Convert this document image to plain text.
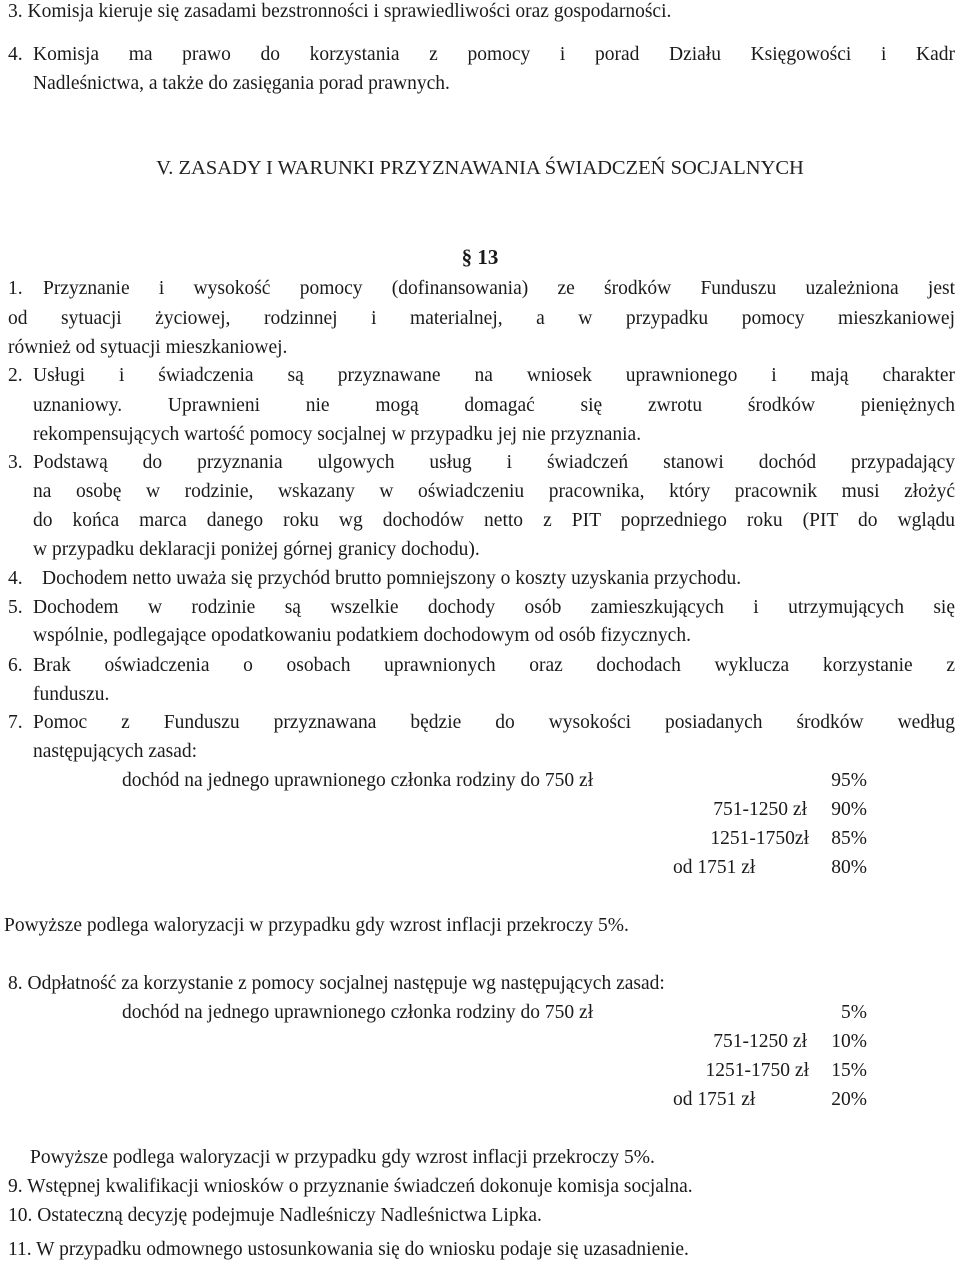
3. Komisja kieruje się zasadami bezstronności i sprawiedliwości oraz gospodarności.
4. Komisja ma prawo do korzystania z pomocy i porad Działu Księgowości i Kadr
Nadleśnictwa, a także do zasięgania porad prawnych.
V. ZASADY I WARUNKI PRZYZNAWANIA ŚWIADCZEŃ SOCJALNYCH
§ 13
1. Przyznanie i wysokość pomocy (dofinansowania) ze środków Funduszu uzależniona jest
od sytuacji życiowej, rodzinnej i materialnej, a w przypadku pomocy mieszkaniowej
również od sytuacji mieszkaniowej.
2. Usługi i świadczenia są przyznawane na wniosek uprawnionego i mają charakter
uznaniowy. Uprawnieni nie mogą domagać się zwrotu środków pieniężnych
rekompensujących wartość pomocy socjalnej w przypadku jej nie przyznania.
3. Podstawą do przyznania ulgowych usług i świadczeń stanowi dochód przypadający
na osobę w rodzinie, wskazany w oświadczeniu pracownika, który pracownik musi złożyć
do końca marca danego roku wg dochodów netto z PIT poprzedniego roku (PIT do wglądu
w przypadku deklaracji poniżej górnej granicy dochodu).
4. Dochodem netto uważa się przychód brutto pomniejszony o koszty uzyskania przychodu.
5. Dochodem w rodzinie są wszelkie dochody osób zamieszkujących i utrzymujących się
wspólnie, podlegające opodatkowaniu podatkiem dochodowym od osób fizycznych.
6. Brak oświadczenia o osobach uprawnionych oraz dochodach wyklucza korzystanie z
funduszu.
7. Pomoc z Funduszu przyznawana będzie do wysokości posiadanych środków według
następujących zasad:
dochód na jednego uprawnionego członka rodziny do 750 zł	95%
751-1250 zł	90%
1251-1750zł	85%
od 1751 zł	80%
Powyższe podlega waloryzacji w przypadku gdy wzrost inflacji przekroczy 5%.
8. Odpłatność za korzystanie z pomocy socjalnej następuje wg następujących zasad:
dochód na jednego uprawnionego członka rodziny do 750 zł	5%
751-1250 zł	10%
1251-1750 zł	15%
od 1751 zł	20%
Powyższe podlega waloryzacji w przypadku gdy wzrost inflacji przekroczy 5%.
9. Wstępnej kwalifikacji wniosków o przyznanie świadczeń dokonuje komisja socjalna.
10. Ostateczną decyzję podejmuje Nadleśniczy Nadleśnictwa Lipka.
11. W przypadku odmownego ustosunkowania się do wniosku podaje się uzasadnienie.
